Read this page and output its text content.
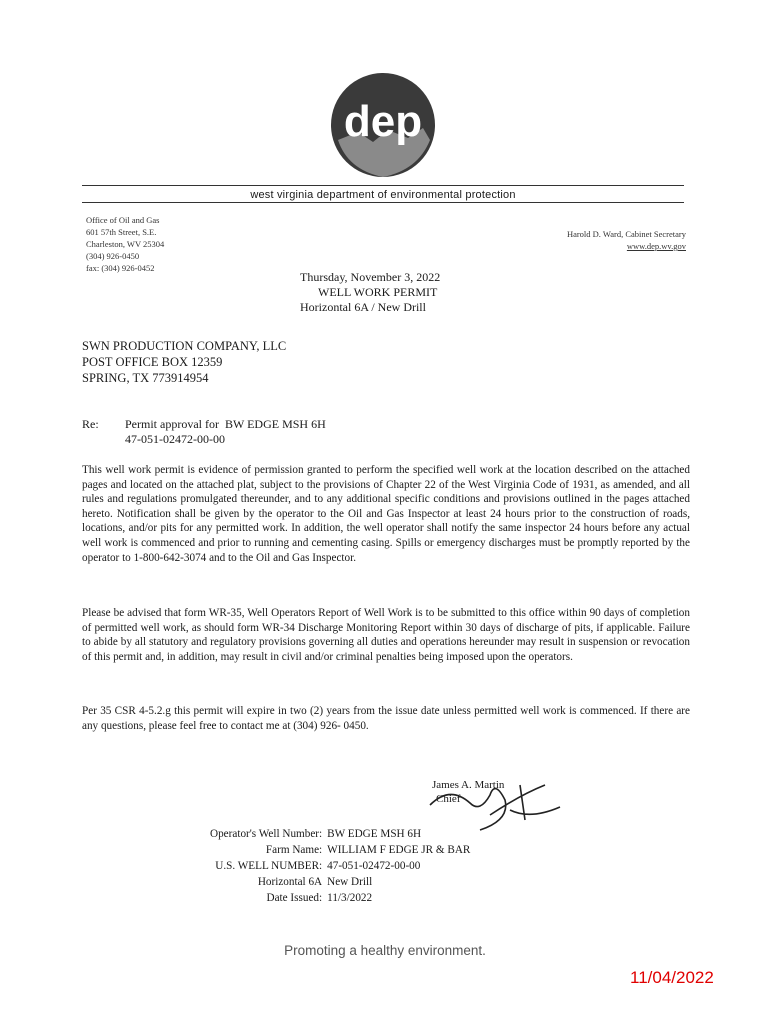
dep
west virginia department of environmental protection
Office of Oil and Gas
601 57th Street, S.E.
Charleston, WV 25304
(304) 926-0450
fax: (304) 926-0452
Harold D. Ward, Cabinet Secretary
www.dep.wv.gov
Thursday, November 3, 2022
WELL WORK PERMIT
Horizontal 6A / New Drill
SWN PRODUCTION COMPANY, LLC
POST OFFICE BOX 12359
SPRING, TX 773914954
Re: Permit approval for BW EDGE MSH 6H
47-051-02472-00-00
This well work permit is evidence of permission granted to perform the specified well work at the location described on the attached pages and located on the attached plat, subject to the provisions of Chapter 22 of the West Virginia Code of 1931, as amended, and all rules and regulations promulgated thereunder, and to any additional specific conditions and provisions outlined in the pages attached hereto. Notification shall be given by the operator to the Oil and Gas Inspector at least 24 hours prior to the construction of roads, locations, and/or pits for any permitted work. In addition, the well operator shall notify the same inspector 24 hours before any actual well work is commenced and prior to running and cementing casing. Spills or emergency discharges must be promptly reported by the operator to 1-800-642-3074 and to the Oil and Gas Inspector.
Please be advised that form WR-35, Well Operators Report of Well Work is to be submitted to this office within 90 days of completion of permitted well work, as should form WR-34 Discharge Monitoring Report within 30 days of discharge of pits, if applicable. Failure to abide by all statutory and regulatory provisions governing all duties and operations hereunder may result in suspension or revocation of this permit and, in addition, may result in civil and/or criminal penalties being imposed upon the operators.
Per 35 CSR 4-5.2.g this permit will expire in two (2) years from the issue date unless permitted well work is commenced. If there are any questions, please feel free to contact me at (304) 926- 0450.
James A. Martin
Chief
Operator's Well Number:	BW EDGE MSH 6H
Farm Name:	WILLIAM F EDGE JR & BAR
U.S. WELL NUMBER:	47-051-02472-00-00
Horizontal 6A	New Drill
Date Issued:	11/3/2022
Promoting a healthy environment.
11/04/2022
